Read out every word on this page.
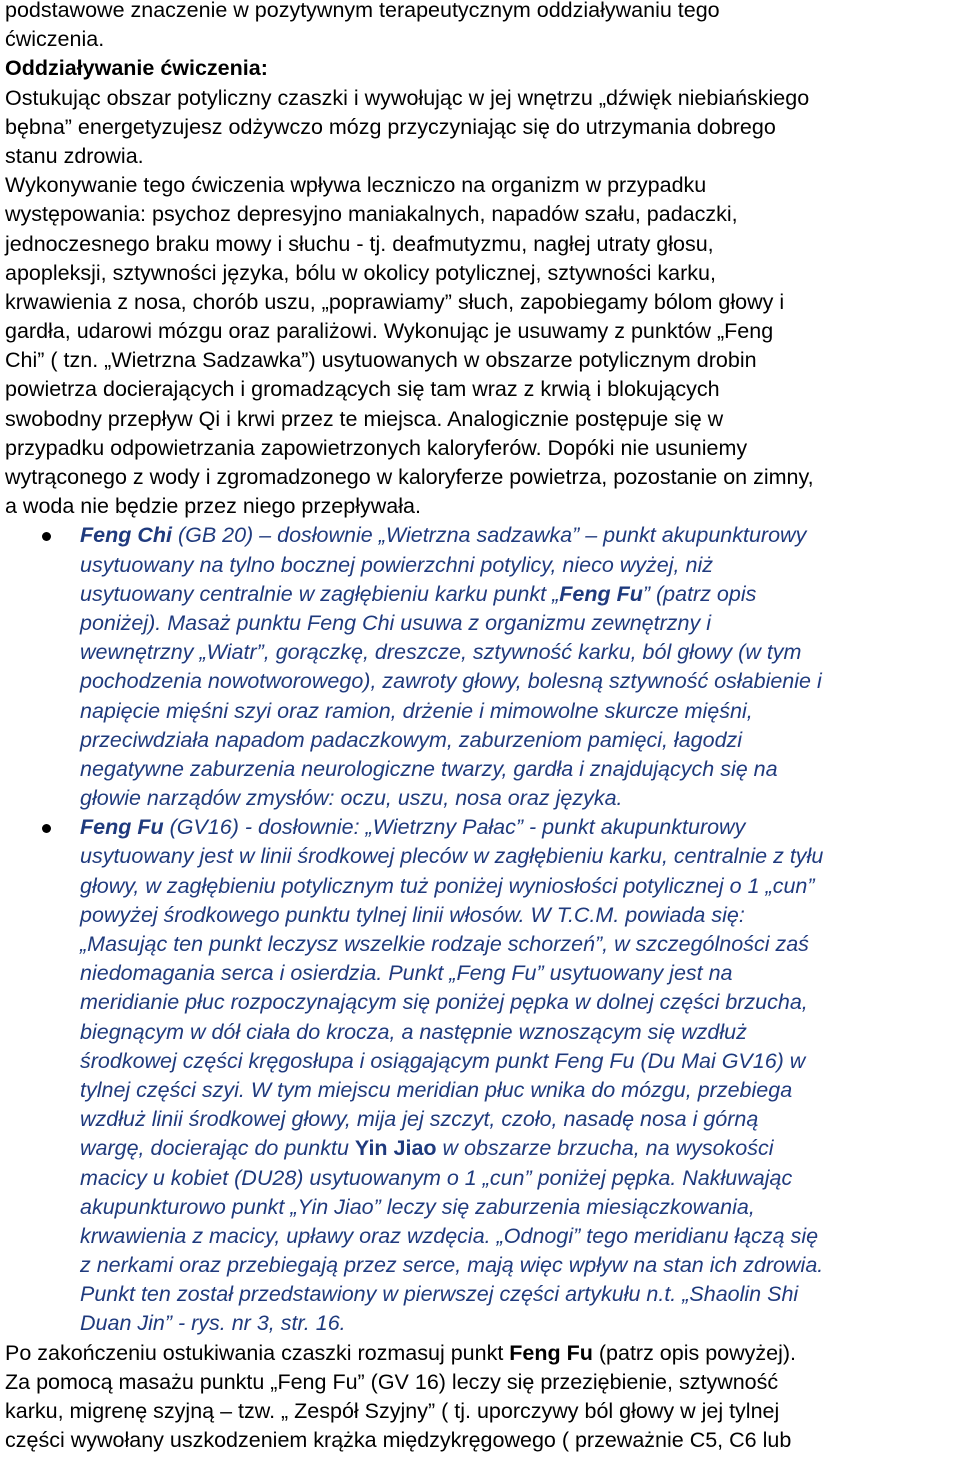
podstawowe znaczenie w pozytywnym terapeutycznym oddziaływaniu tego
ćwiczenia.
Oddziaływanie ćwiczenia:
Ostukując obszar potyliczny czaszki i wywołując w jej wnętrzu „dźwięk niebiańskiego
bębna” energetyzujesz odżywczo mózg przyczyniając się do utrzymania dobrego
stanu zdrowia.
Wykonywanie tego ćwiczenia wpływa leczniczo na organizm w przypadku
występowania: psychoz depresyjno maniakalnych, napadów szału, padaczki,
jednoczesnego braku mowy i słuchu - tj. deafmutyzmu, nagłej utraty głosu,
apopleksji, sztywności języka, bólu w okolicy potylicznej, sztywności karku,
krwawienia z nosa, chorób uszu, „poprawiamy” słuch, zapobiegamy bólom głowy i
gardła, udarowi mózgu oraz paraliżowi. Wykonując je usuwamy z punktów „Feng
Chi” ( tzn. „Wietrzna Sadzawka”) usytuowanych w obszarze potylicznym drobin
powietrza docierających i gromadzących się tam wraz z krwią i blokujących
swobodny przepływ Qi i krwi przez te miejsca. Analogicznie postępuje się w
przypadku odpowietrzania zapowietrzonych kaloryferów. Dopóki nie usuniemy
wytrąconego z wody i zgromadzonego w kaloryferze powietrza, pozostanie on zimny,
a woda nie będzie przez niego przepływała.
Feng Chi (GB 20) – dosłownie „Wietrzna sadzawka” – punkt akupunkturowy
usytuowany na tylno bocznej powierzchni potylicy, nieco wyżej, niż
usytuowany centralnie w zagłębieniu karku punkt „Feng Fu” (patrz opis
poniżej). Masaż punktu Feng Chi usuwa z organizmu zewnętrzny i
wewnętrzny „Wiatr”, gorączkę, dreszcze, sztywność karku, ból głowy (w tym
pochodzenia nowotworowego), zawroty głowy, bolesną sztywność osłabienie i
napięcie mięśni szyi oraz ramion, drżenie i mimowolne skurcze mięśni,
przeciwdziała napadom padaczkowym, zaburzeniom pamięci, łagodzi
negatywne zaburzenia neurologiczne twarzy, gardła i znajdujących się na
głowie narządów zmysłów: oczu, uszu, nosa oraz języka.
Feng Fu (GV16) - dosłownie: „Wietrzny Pałac” - punkt akupunkturowy
usytuowany jest w linii środkowej pleców w zagłębieniu karku, centralnie z tyłu
głowy, w zagłębieniu potylicznym tuż poniżej wyniosłości potylicznej o 1 „cun”
powyżej środkowego punktu tylnej linii włosów. W T.C.M. powiada się:
„Masując ten punkt leczysz wszelkie rodzaje schorzeń”, w szczególności zaś
niedomagania serca i osierdzia. Punkt „Feng Fu” usytuowany jest na
meridianie płuc rozpoczynającym się poniżej pępka w dolnej części brzucha,
biegnącym w dół ciała do krocza, a następnie wznoszącym się wzdłuż
środkowej części kręgosłupa i osiągającym punkt Feng Fu (Du Mai GV16) w
tylnej części szyi. W tym miejscu meridian płuc wnika do mózgu, przebiega
wzdłuż linii środkowej głowy, mija jej szczyt, czoło, nasadę nosa i górną
wargę, docierając do punktu Yin Jiao w obszarze brzucha, na wysokości
macicy u kobiet (DU28) usytuowanym o 1 „cun” poniżej pępka. Nakłuwając
akupunkturowo punkt „Yin Jiao” leczy się zaburzenia miesiączkowania,
krwawienia z macicy, upławy oraz wzdęcia. „Odnogi” tego meridianu łączą się
z nerkami oraz przebiegają przez serce, mają więc wpływ na stan ich zdrowia.
Punkt ten został przedstawiony w pierwszej części artykułu n.t. „Shaolin Shi
Duan Jin” - rys. nr 3, str. 16.
Po zakończeniu ostukiwania czaszki rozmasuj punkt Feng Fu (patrz opis powyżej).
Za pomocą masażu punktu „Feng Fu” (GV 16) leczy się przeziębienie, sztywność
karku, migrenę szyjną – tzw. „ Zespół Szyjny” ( tj. uporczywy ból głowy w jej tylnej
części wywołany uszkodzeniem krążka międzykręgowego ( przeważnie C5, C6 lub
